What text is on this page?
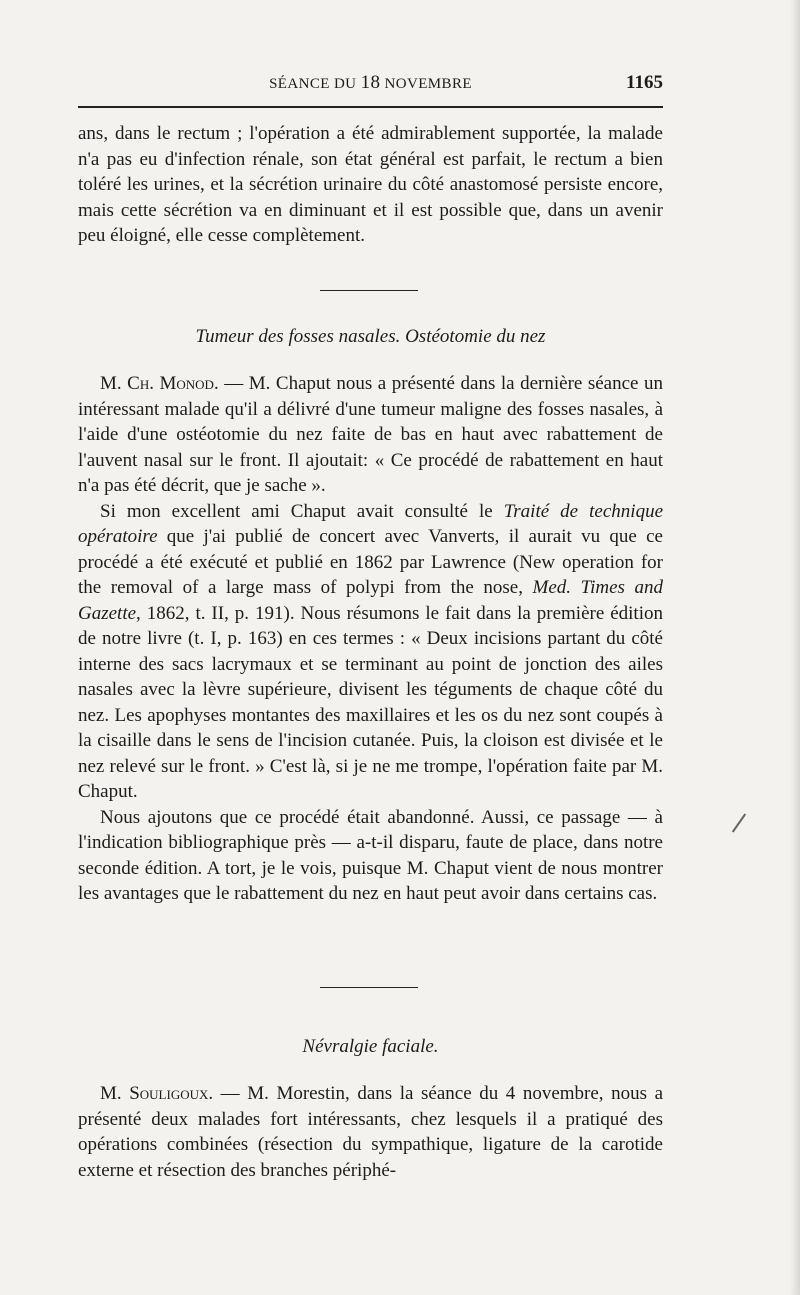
SÉANCE DU 18 NOVEMBRE	1165

ans, dans le rectum ; l'opération a été admirablement supportée, la malade n'a pas eu d'infection rénale, son état général est parfait, le rectum a bien toléré les urines, et la sécrétion urinaire du côté anastomosé persiste encore, mais cette sécrétion va en diminuant et il est possible que, dans un avenir peu éloigné, elle cesse complètement.

Tumeur des fosses nasales. Ostéotomie du nez

M. Ch. Monod. — M. Chaput nous a présenté dans la dernière séance un intéressant malade qu'il a délivré d'une tumeur maligne des fosses nasales, à l'aide d'une ostéotomie du nez faite de bas en haut avec rabattement de l'auvent nasal sur le front. Il ajoutait: « Ce procédé de rabattement en haut n'a pas été décrit, que je sache ».

Si mon excellent ami Chaput avait consulté le Traité de technique opératoire que j'ai publié de concert avec Vanverts, il aurait vu que ce procédé a été exécuté et publié en 1862 par Lawrence (New operation for the removal of a large mass of polypi from the nose, Med. Times and Gazette, 1862, t. II, p. 191). Nous résumons le fait dans la première édition de notre livre (t. I, p. 163) en ces termes : « Deux incisions partant du côté interne des sacs lacrymaux et se terminant au point de jonction des ailes nasales avec la lèvre supérieure, divisent les téguments de chaque côté du nez. Les apophyses montantes des maxillaires et les os du nez sont coupés à la cisaille dans le sens de l'incision cutanée. Puis, la cloison est divisée et le nez relevé sur le front. » C'est là, si je ne me trompe, l'opération faite par M. Chaput.

Nous ajoutons que ce procédé était abandonné. Aussi, ce passage — à l'indication bibliographique près — a-t-il disparu, faute de place, dans notre seconde édition. A tort, je le vois, puisque M. Chaput vient de nous montrer les avantages que le rabattement du nez en haut peut avoir dans certains cas.

Névralgie faciale.

M. Souligoux. — M. Morestin, dans la séance du 4 novembre, nous a présenté deux malades fort intéressants, chez lesquels il a pratiqué des opérations combinées (résection du sympathique, ligature de la carotide externe et résection des branches périphé-
